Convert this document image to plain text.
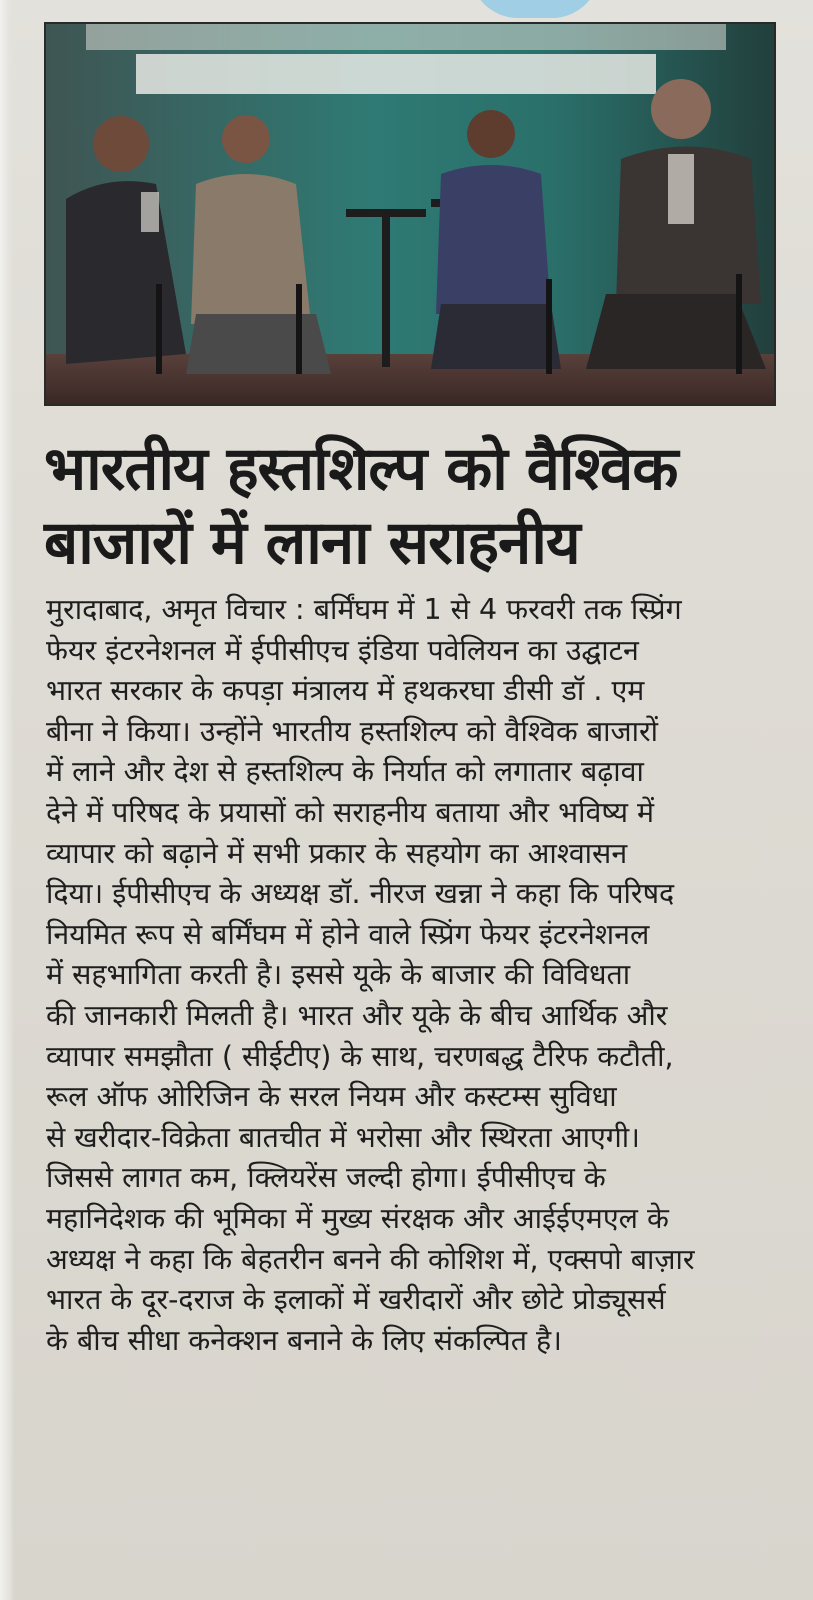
भारतीय हस्तशिल्प को वैश्विक
बाजारों में लाना सराहनीय
मुरादाबाद, अमृत विचार : बर्मिंघम में 1 से 4 फरवरी तक स्प्रिंग
फेयर इंटरनेशनल में ईपीसीएच इंडिया पवेलियन का उद्घाटन
भारत सरकार के कपड़ा मंत्रालय में हथकरघा डीसी डॉ . एम
बीना ने किया। उन्होंने भारतीय हस्तशिल्प को वैश्विक बाजारों
में लाने और देश से हस्तशिल्प के निर्यात को लगातार बढ़ावा
देने में परिषद के प्रयासों को सराहनीय बताया और भविष्य में
व्यापार को बढ़ाने में सभी प्रकार के सहयोग का आश्वासन
दिया। ईपीसीएच के अध्यक्ष डॉ. नीरज खन्ना ने कहा कि परिषद
नियमित रूप से बर्मिंघम में होने वाले स्प्रिंग फेयर इंटरनेशनल
में सहभागिता करती है। इससे यूके के बाजार की विविधता
की जानकारी मिलती है। भारत और यूके के बीच आर्थिक और
व्यापार समझौता ( सीईटीए) के साथ, चरणबद्ध टैरिफ कटौती,
रूल ऑफ ओरिजिन के सरल नियम और कस्टम्स सुविधा
से खरीदार-विक्रेता बातचीत में भरोसा और स्थिरता आएगी।
जिससे लागत कम, क्लियरेंस जल्दी होगा। ईपीसीएच के
महानिदेशक की भूमिका में मुख्य संरक्षक और आईईएमएल के
अध्यक्ष ने कहा कि बेहतरीन बनने की कोशिश में, एक्सपो बाज़ार
भारत के दूर-दराज के इलाकों में खरीदारों और छोटे प्रोड्यूसर्स
के बीच सीधा कनेक्शन बनाने के लिए संकल्पित है।
